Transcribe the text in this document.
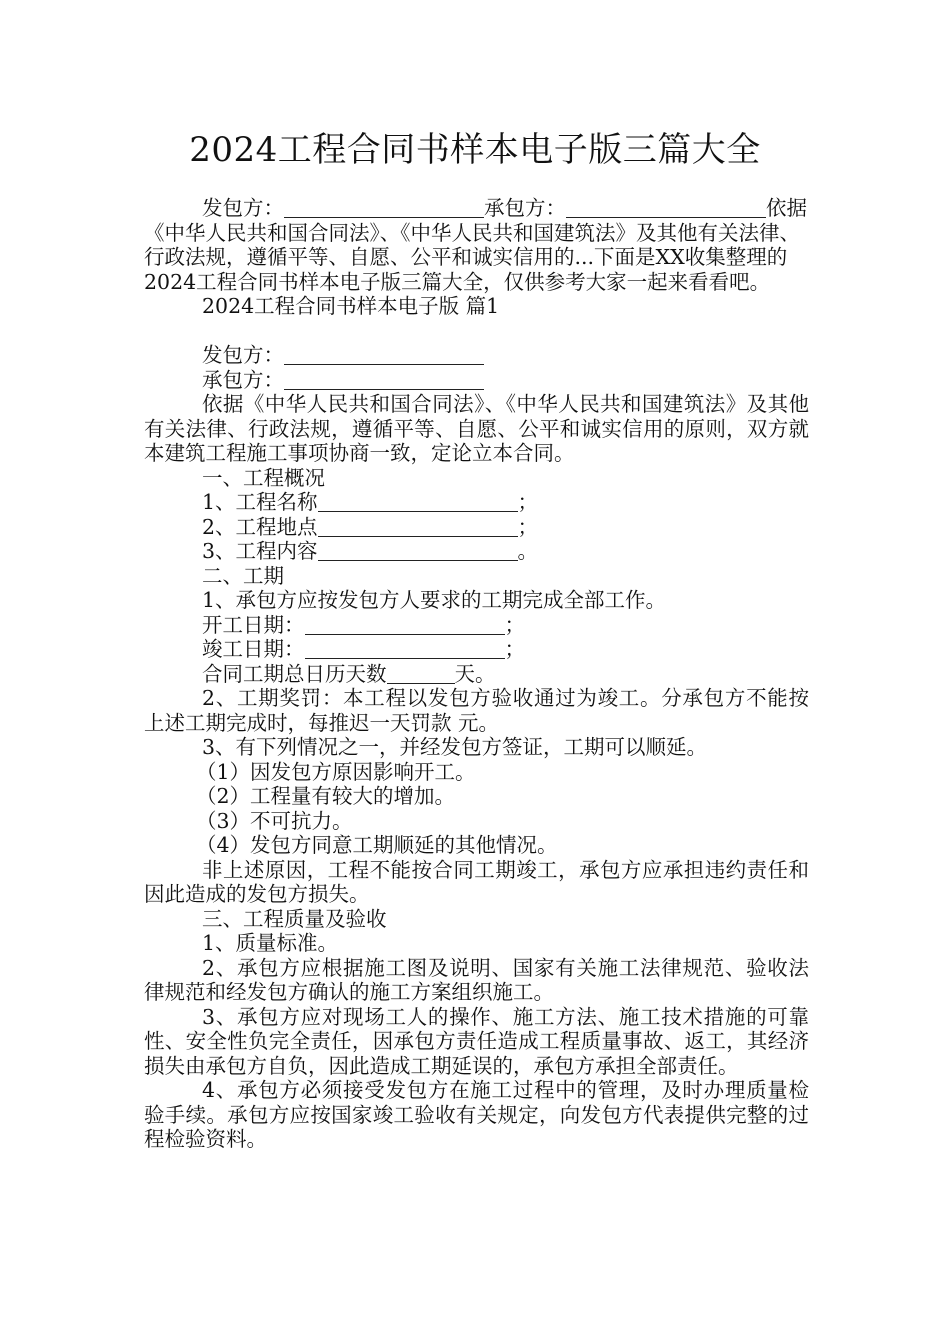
2024工程合同书样本电子版三篇大全

发包方：	承包方：	依据《中华人民共和国合同法》、《中华人民共和国建筑法》及其他有关法律、行政法规，遵循平等、自愿、公平和诚实信用的...下面是XX收集整理的2024工程合同书样本电子版三篇大全，仅供参考大家一起来看看吧。

2024工程合同书样本电子版 篇1

发包方：

承包方：

依据《中华人民共和国合同法》、《中华人民共和国建筑法》及其他有关法律、行政法规，遵循平等、自愿、公平和诚实信用的原则，双方就本建筑工程施工事项协商一致，定论立本合同。

一、工程概况

1、工程名称	；

2、工程地点	；

3、工程内容	。

二、工期

1、承包方应按发包方人要求的工期完成全部工作。

开工日期：	；

竣工日期：	；

合同工期总日历天数	天。

2、工期奖罚：本工程以发包方验收通过为竣工。分承包方不能按上述工期完成时，每推迟一天罚款 元。

3、有下列情况之一，并经发包方签证，工期可以顺延。

（1）因发包方原因影响开工。

（2）工程量有较大的增加。

（3）不可抗力。

（4）发包方同意工期顺延的其他情况。

非上述原因，工程不能按合同工期竣工，承包方应承担违约责任和因此造成的发包方损失。

三、工程质量及验收

1、质量标准。

2、承包方应根据施工图及说明、国家有关施工法律规范、验收法律规范和经发包方确认的施工方案组织施工。

3、承包方应对现场工人的操作、施工方法、施工技术措施的可靠性、安全性负完全责任，因承包方责任造成工程质量事故、返工，其经济损失由承包方自负，因此造成工期延误的，承包方承担全部责任。

4、承包方必须接受发包方在施工过程中的管理，及时办理质量检验手续。承包方应按国家竣工验收有关规定，向发包方代表提供完整的过程检验资料。
